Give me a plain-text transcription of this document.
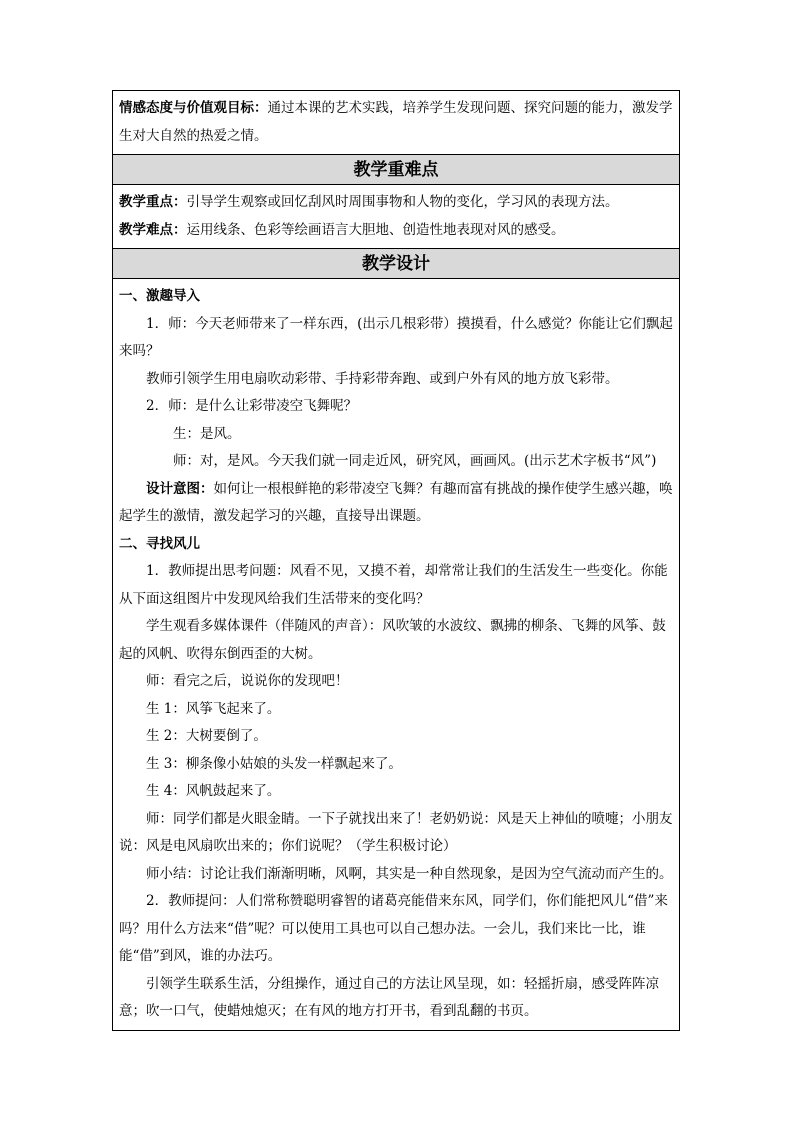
情感态度与价值观目标：通过本课的艺术实践，培养学生发现问题、探究问题的能力，激发学生对大自然的热爱之情。

教学重难点

教学重点：引导学生观察或回忆刮风时周围事物和人物的变化，学习风的表现方法。

教学难点：运用线条、色彩等绘画语言大胆地、创造性地表现对风的感受。

教学设计

一、激趣导入

1．师：今天老师带来了一样东西，(出示几根彩带）摸摸看，什么感觉？你能让它们飘起来吗？

教师引领学生用电扇吹动彩带、手持彩带奔跑、或到户外有风的地方放飞彩带。

2．师：是什么让彩带凌空飞舞呢？

生：是风。

师：对，是风。今天我们就一同走近风，研究风，画画风。(出示艺术字板书“风”)

设计意图：如何让一根根鲜艳的彩带凌空飞舞？有趣而富有挑战的操作使学生感兴趣，唤起学生的激情，激发起学习的兴趣，直接导出课题。

二、寻找风儿

1．教师提出思考问题：风看不见，又摸不着，却常常让我们的生活发生一些变化。你能从下面这组图片中发现风给我们生活带来的变化吗？

学生观看多媒体课件（伴随风的声音）：风吹皱的水波纹、飘拂的柳条、飞舞的风筝、鼓起的风帆、吹得东倒西歪的大树。

师：看完之后，说说你的发现吧！

生 1：风筝飞起来了。

生 2：大树要倒了。

生 3：柳条像小姑娘的头发一样飘起来了。

生 4：风帆鼓起来了。

师：同学们都是火眼金睛。一下子就找出来了！老奶奶说：风是天上神仙的喷嚏；小朋友说：风是电风扇吹出来的；你们说呢？（学生积极讨论）

师小结：讨论让我们渐渐明晰，风啊，其实是一种自然现象，是因为空气流动而产生的。

2．教师提问：人们常称赞聪明睿智的诸葛亮能借来东风，同学们，你们能把风儿“借”来吗？用什么方法来“借”呢？可以使用工具也可以自己想办法。一会儿，我们来比一比，谁能“借”到风，谁的办法巧。

引领学生联系生活，分组操作，通过自己的方法让风呈现，如：轻摇折扇，感受阵阵凉意；吹一口气，使蜡烛熄灭；在有风的地方打开书，看到乱翻的书页。
